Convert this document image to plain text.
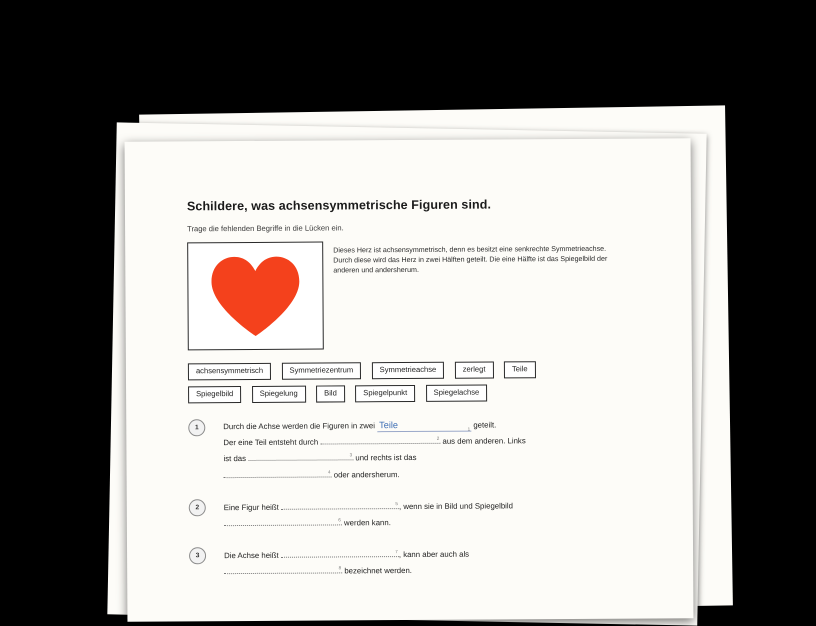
Schildere, was achsensymmetrische Figuren sind.
Trage die fehlenden Begriffe in die Lücken ein.
Dieses Herz ist achsensymmetrisch, denn es besitzt eine senkrechte Symmetrieachse.
Durch diese wird das Herz in zwei Hälften geteilt. Die eine Hälfte ist das Spiegelbild der anderen und andersherum.
achsensymmetrisch	Symmetriezentrum	Symmetrieachse	zerlegt	Teile
Spiegelbild	Spiegelung	Bild	Spiegelpunkt	Spiegelachse
1	Durch die Achse werden die Figuren in zwei Teile	1 geteilt.
Der eine Teil entsteht durch	2 aus dem anderen. Links
ist das	3 und rechts ist das

4 oder andersherum.
2	Eine Figur heißt	5 , wenn sie in Bild und Spiegelbild

6 werden kann.
3	Die Achse heißt	7 , kann aber auch als

8 bezeichnet werden.
